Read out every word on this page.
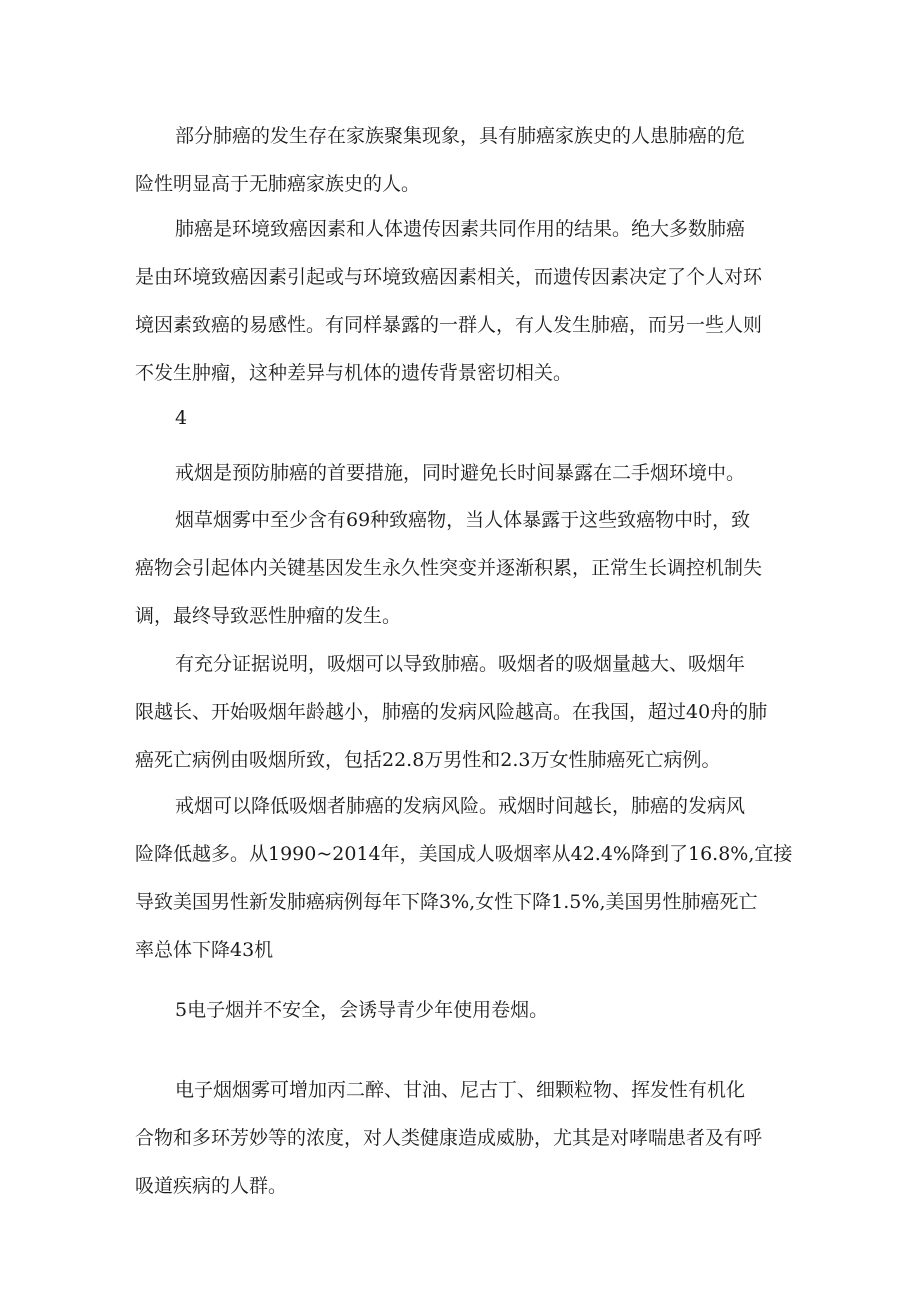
部分肺癌的发生存在家族聚集现象，具有肺癌家族史的人患肺癌的危
险性明显高于无肺癌家族史的人。
肺癌是环境致癌因素和人体遗传因素共同作用的结果。绝大多数肺癌
是由环境致癌因素引起或与环境致癌因素相关，而遗传因素决定了个人对环
境因素致癌的易感性。有同样暴露的一群人，有人发生肺癌，而另一些人则
不发生肿瘤，这种差异与机体的遗传背景密切相关。
4
戒烟是预防肺癌的首要措施，同时避免长时间暴露在二手烟环境中。
烟草烟雾中至少含有69种致癌物，当人体暴露于这些致癌物中时，致
癌物会引起体内关键基因发生永久性突变并逐渐积累，正常生长调控机制失
调，最终导致恶性肿瘤的发生。
有充分证据说明，吸烟可以导致肺癌。吸烟者的吸烟量越大、吸烟年
限越长、开始吸烟年龄越小，肺癌的发病风险越高。在我国，超过40舟的肺
癌死亡病例由吸烟所致，包括22.8万男性和2.3万女性肺癌死亡病例。
戒烟可以降低吸烟者肺癌的发病风险。戒烟时间越长，肺癌的发病风
险降低越多。从1990~2014年，美国成人吸烟率从42.4%降到了16.8%,宜接
导致美国男性新发肺癌病例每年下降3%,女性下降1.5%,美国男性肺癌死亡
率总体下降43机
5电子烟并不安全，会诱导青少年使用卷烟。
电子烟烟雾可增加丙二醉、甘油、尼古丁、细颗粒物、挥发性有机化
合物和多环芳妙等的浓度，对人类健康造成威胁，尤其是对哮喘患者及有呼
吸道疾病的人群。
